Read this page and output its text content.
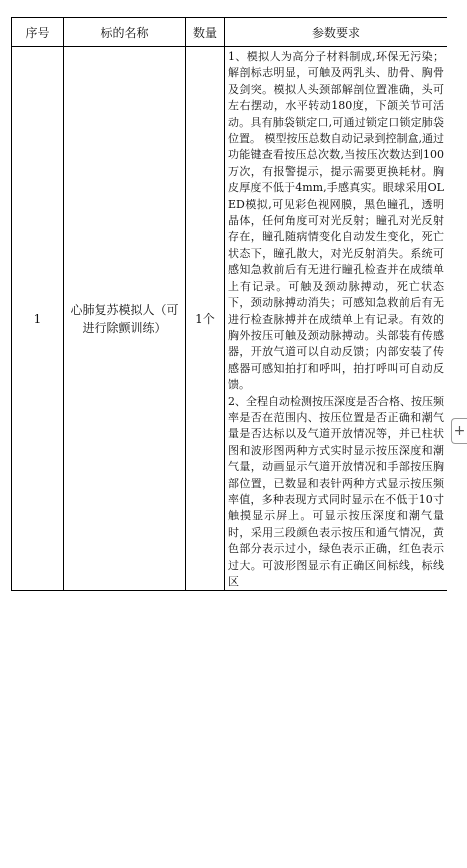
序号	标的名称	数量	参数要求
1	心肺复苏模拟人（可进行除颤训练）	1个	1、模拟人为高分子材料制成,环保无污染；解剖标志明显，可触及两乳头、肋骨、胸骨及剑突。模拟人头颈部解剖位置准确，头可左右摆动，水平转动180度，下颌关节可活动。具有肺袋锁定口,可通过锁定口锁定肺袋位置。 模型按压总数自动记录到控制盒,通过功能键查看按压总次数,当按压次数达到100万次，有报警提示，提示需要更换耗材。胸皮厚度不低于4mm,手感真实。眼球采用OLED模拟,可见彩色视网膜，黑色瞳孔，透明晶体，任何角度可对光反射；瞳孔对光反射存在，瞳孔随病情变化自动发生变化，死亡状态下，瞳孔散大，对光反射消失。系统可感知急救前后有无进行瞳孔检查并在成绩单上有记录。可触及颈动脉搏动，死亡状态下，颈动脉搏动消失；可感知急救前后有无进行检查脉搏并在成绩单上有记录。有效的胸外按压可触及颈动脉搏动。头部装有传感器，开放气道可以自动反馈；内部安装了传感器可感知拍打和呼叫，拍打呼叫可自动反馈。

2、全程自动检测按压深度是否合格、按压频率是否在范围内、按压位置是否正确和潮气量是否达标以及气道开放情况等，并已柱状图和波形图两种方式实时显示按压深度和潮气量，动画显示气道开放情况和手部按压胸部位置，已数显和表针两种方式显示按压频率值，多种表现方式同时显示在不低于10寸触摸显示屏上。可显示按压深度和潮气量时，采用三段颜色表示按压和通气情况，黄色部分表示过小，绿色表示正确，红色表示过大。可波形图显示有正确区间标线，标线区

+
